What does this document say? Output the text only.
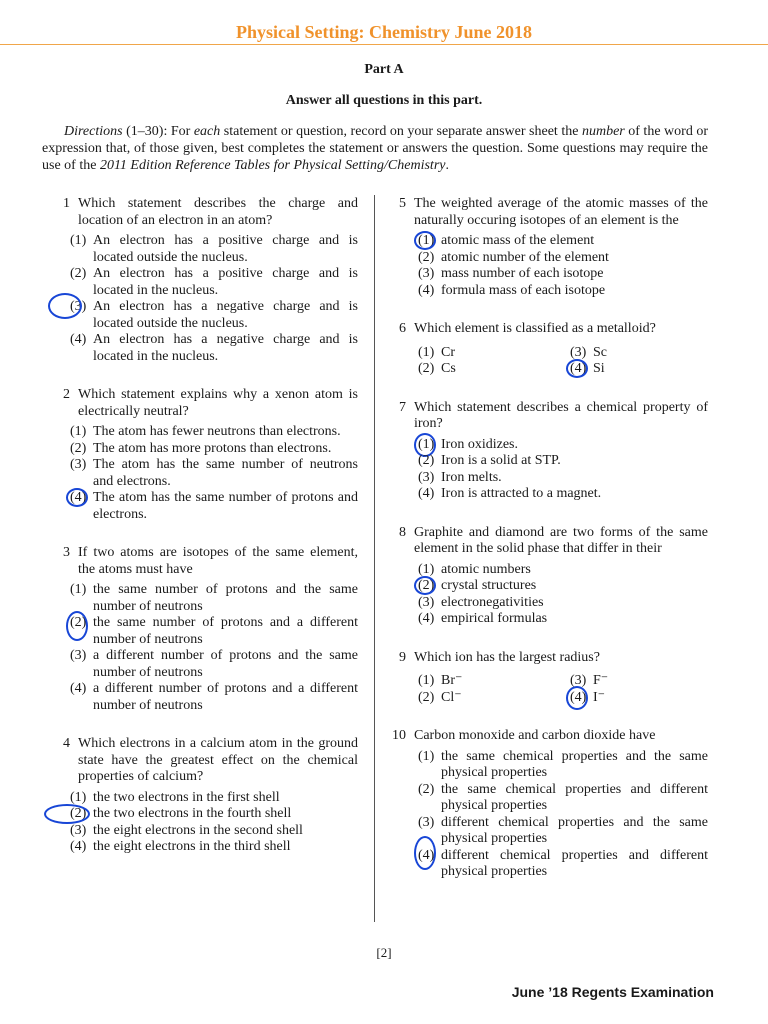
Physical Setting: Chemistry June 2018
Part A
Answer all questions in this part.
Directions (1–30): For each statement or question, record on your separate answer sheet the number of the word or expression that, of those given, best completes the statement or answers the question. Some questions may require the use of the 2011 Edition Reference Tables for Physical Setting/Chemistry.
1 Which statement describes the charge and location of an electron in an atom?
(1) An electron has a positive charge and is located outside the nucleus.
(2) An electron has a positive charge and is located in the nucleus.
(3) An electron has a negative charge and is located outside the nucleus.
(4) An electron has a negative charge and is located in the nucleus.
2 Which statement explains why a xenon atom is electrically neutral?
(1) The atom has fewer neutrons than electrons.
(2) The atom has more protons than electrons.
(3) The atom has the same number of neutrons and electrons.
(4) The atom has the same number of protons and electrons.
3 If two atoms are isotopes of the same element, the atoms must have
(1) the same number of protons and the same number of neutrons
(2) the same number of protons and a different number of neutrons
(3) a different number of protons and the same number of neutrons
(4) a different number of protons and a different number of neutrons
4 Which electrons in a calcium atom in the ground state have the greatest effect on the chemical properties of calcium?
(1) the two electrons in the first shell
(2) the two electrons in the fourth shell
(3) the eight electrons in the second shell
(4) the eight electrons in the third shell
5 The weighted average of the atomic masses of the naturally occuring isotopes of an element is the
(1) atomic mass of the element
(2) atomic number of the element
(3) mass number of each isotope
(4) formula mass of each isotope
6 Which element is classified as a metalloid?
(1) Cr	(3) Sc
(2) Cs	(4) Si
7 Which statement describes a chemical property of iron?
(1) Iron oxidizes.
(2) Iron is a solid at STP.
(3) Iron melts.
(4) Iron is attracted to a magnet.
8 Graphite and diamond are two forms of the same element in the solid phase that differ in their
(1) atomic numbers
(2) crystal structures
(3) electronegativities
(4) empirical formulas
9 Which ion has the largest radius?
(1) Br⁻	(3) F⁻
(2) Cl⁻	(4) I⁻
10 Carbon monoxide and carbon dioxide have
(1) the same chemical properties and the same physical properties
(2) the same chemical properties and different physical properties
(3) different chemical properties and the same physical properties
(4) different chemical properties and different physical properties
[2]
June ’18 Regents Examination
